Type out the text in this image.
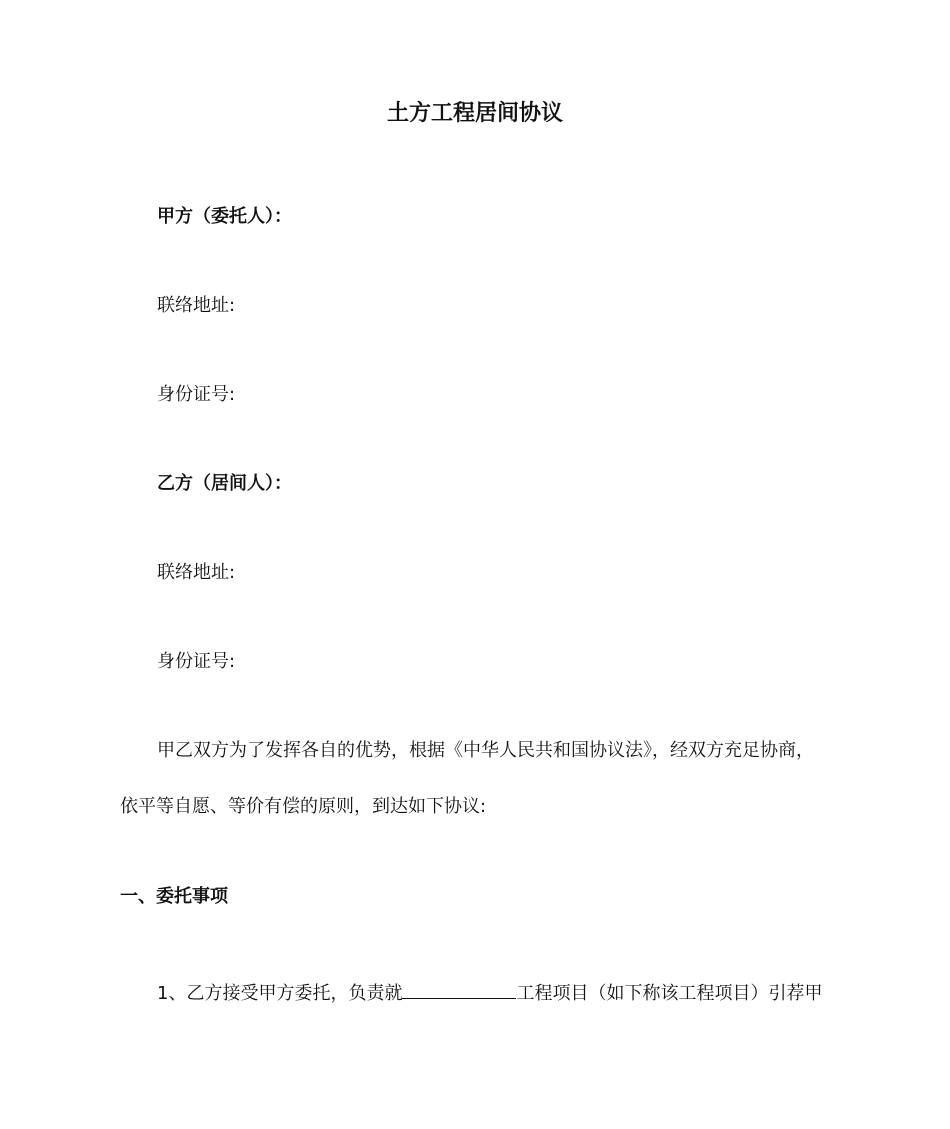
土方工程居间协议
甲方（委托人）：
联络地址:
身份证号:
乙方（居间人）：
联络地址:
身份证号:
甲乙双方为了发挥各自的优势，根据《中华人民共和国协议法》，经双方充足协商，
依平等自愿、等价有偿的原则，到达如下协议:
一、委托事项
1、乙方接受甲方委托，负责就	工程项目（如下称该工程项目）引荐甲
